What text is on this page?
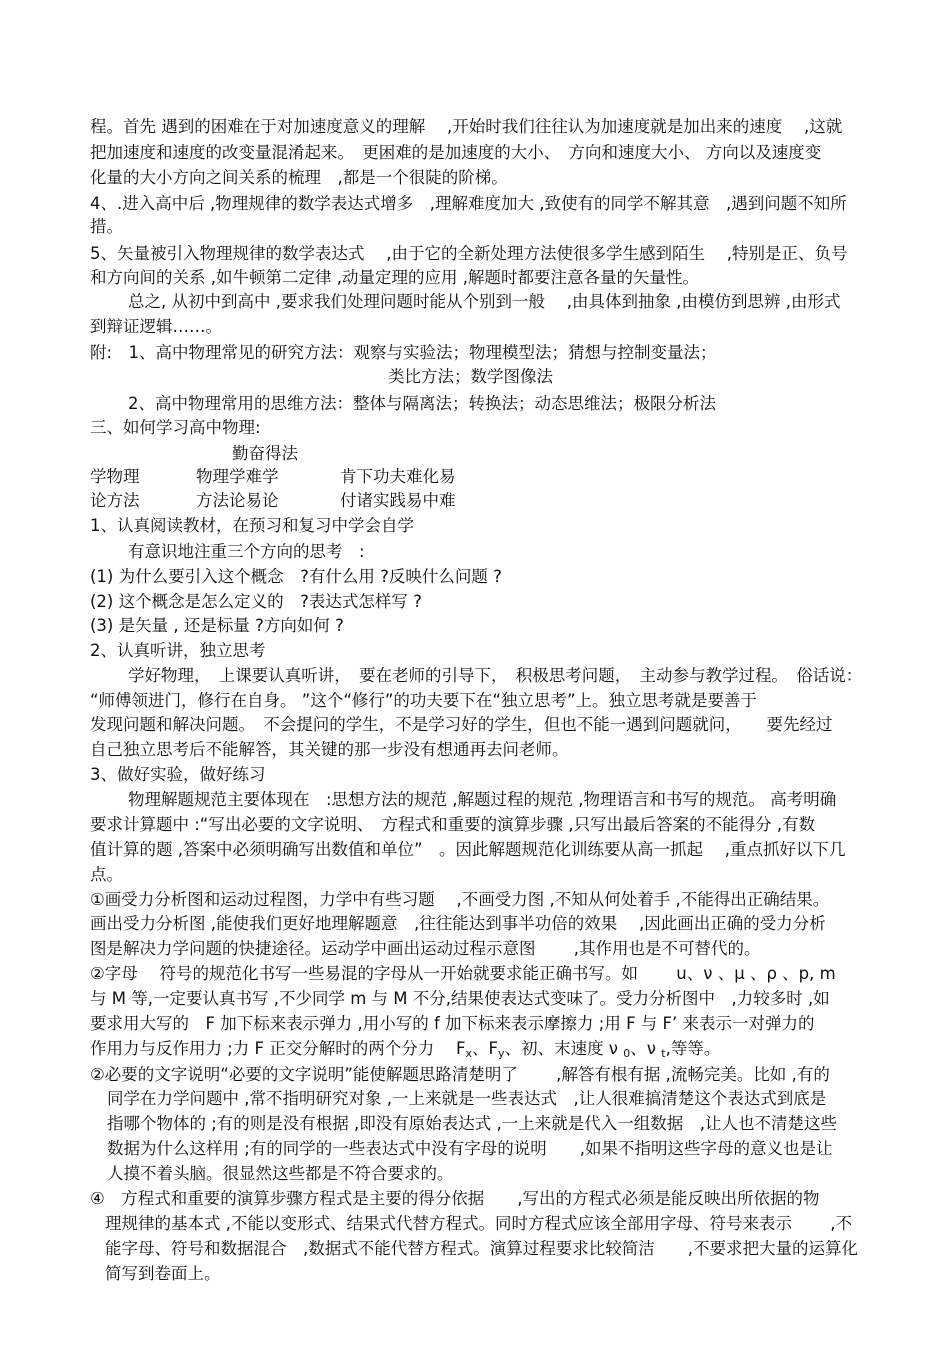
程。首先 遇到的困难在于对加速度意义的理解　 ,开始时我们往往认为加速度就是加出来的速度　 ,这就
把加速度和速度的改变量混淆起来。　更困难的是加速度的大小、　方向和速度大小、 方向以及速度变
化量的大小方向之间关系的梳理　,都是一个很陡的阶梯。
4、.进入高中后 ,物理规律的数学表达式增多　,理解难度加大 ,致使有的同学不解其意　,遇到问题不知所
措。
5、矢量被引入物理规律的数学表达式　 ,由于它的全新处理方法使很多学生感到陌生　 ,特别是正、负号
和方向间的关系 ,如牛顿第二定律 ,动量定理的应用 ,解题时都要注意各量的矢量性。
总之, 从初中到高中 ,要求我们处理问题时能从个别到一般　 ,由具体到抽象 ,由模仿到思辨 ,由形式
到辩证逻辑……。
附:　1、高中物理常见的研究方法：观察与实验法；物理模型法；猜想与控制变量法；
类比方法；数学图像法
2、高中物理常用的思维方法：整体与隔离法；转换法；动态思维法；极限分析法
三、如何学习高中物理:
勤奋得法
学物理	物理学难学	肯下功夫难化易
论方法	方法论易论	付诸实践易中难
1、认真阅读教材，在预习和复习中学会自学
有意识地注重三个方向的思考　:
(1) 为什么要引入这个概念　?有什么用 ?反映什么问题 ?
(2) 这个概念是怎么定义的　?表达式怎样写 ?
(3) 是矢量 , 还是标量 ?方向如何 ?
2、认真听讲，独立思考
学好物理，　上课要认真听讲，　要在老师的引导下，　积极思考问题，　主动参与教学过程。　俗话说：
“师傅领进门，修行在自身。 ”这个“修行”的功夫要下在“独立思考”上。独立思考就是要善于
发现问题和解决问题。　不会提问的学生，不是学习好的学生，但也不能一遇到问题就问，　　要先经过
自己独立思考后不能解答，其关键的那一步没有想通再去问老师。
3、做好实验，做好练习
物理解题规范主要体现在　:思想方法的规范 ,解题过程的规范 ,物理语言和书写的规范。 高考明确
要求计算题中 :“写出必要的文字说明、　方程式和重要的演算步骤 ,只写出最后答案的不能得分 ,有数
值计算的题 ,答案中必须明确写出数值和单位”　。因此解题规范化训练要从高一抓起　 ,重点抓好以下几
点。
①画受力分析图和运动过程图，力学中有些习题　 ,不画受力图 ,不知从何处着手 ,不能得出正确结果。
画出受力分析图 ,能使我们更好地理解题意　,往往能达到事半功倍的效果　 ,因此画出正确的受力分析
图是解决力学问题的快捷途径。运动学中画出运动过程示意图　　 ,其作用也是不可替代的。
②字母　 符号的规范化书写一些易混的字母从一开始就要求能正确书写。如　　 u、ν 、μ 、ρ 、p, m
与 M 等,一定要认真书写 ,不少同学 m 与 M 不分,结果使表达式变味了。受力分析图中　,力较多时 ,如
要求用大写的　F 加下标来表示弹力 ,用小写的 f 加下标来表示摩擦力 ;用 F 与 F’ 来表示一对弹力的
作用力与反作用力 ;力 F 正交分解时的两个分力　 $F_x$、$F_y$、初、末速度 ν $_0$、ν $_t$,等等。
②必要的文字说明“必要的文字说明”能使解题思路清楚明了　　 ,解答有根有据 ,流畅完美。比如 ,有的
同学在力学问题中 ,常不指明研究对象 ,一上来就是一些表达式　,让人很难搞清楚这个表达式到底是
指哪个物体的 ;有的则是没有根据 ,即没有原始表达式 ,一上来就是代入一组数据　,让人也不清楚这些
数据为什么这样用 ;有的同学的一些表达式中没有字母的说明　　,如果不指明这些字母的意义也是让
人摸不着头脑。很显然这些都是不符合要求的。
④　方程式和重要的演算步骤方程式是主要的得分依据　　,写出的方程式必须是能反映出所依据的物
理规律的基本式 ,不能以变形式、结果式代替方程式。同时方程式应该全部用字母、符号来表示　　 ,不
能字母、符号和数据混合　,数据式不能代替方程式。演算过程要求比较简洁　　,不要求把大量的运算化
简写到卷面上。
